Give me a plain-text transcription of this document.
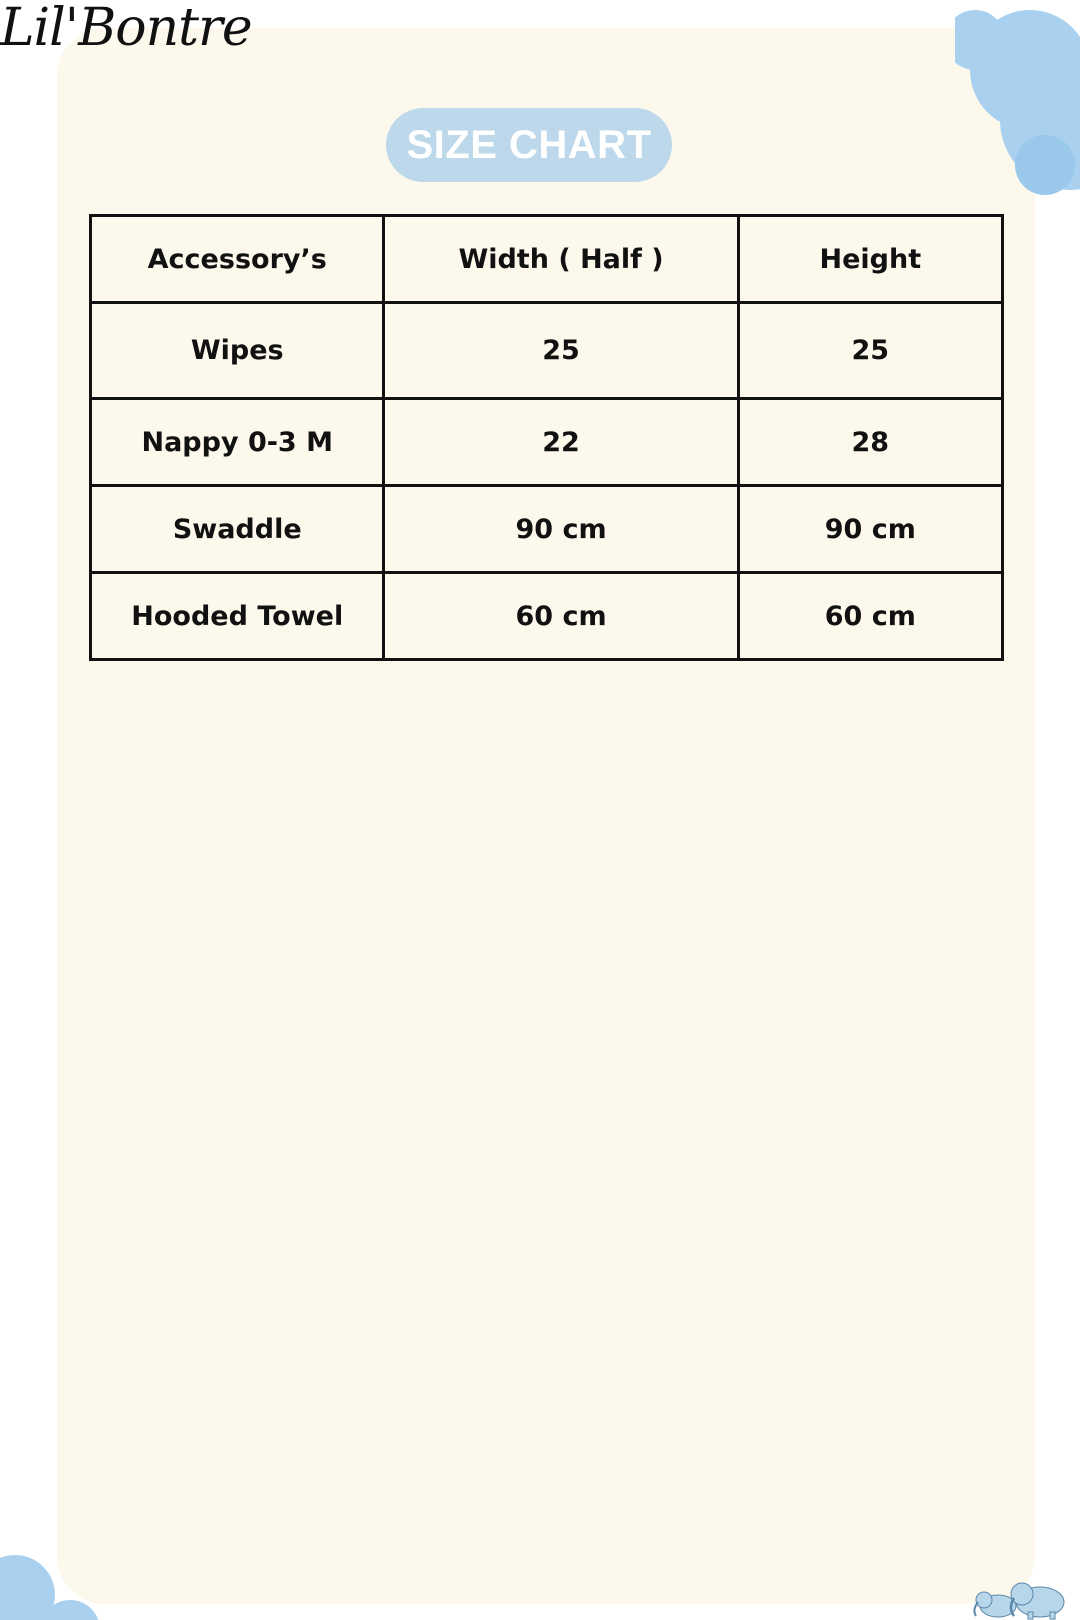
Lil'Bontre
SIZE CHART
Accessory’s	Width ( Half )	Height
Wipes	25	25
Nappy 0-3 M	22	28
Swaddle	90 cm	90 cm
Hooded Towel	60 cm	60 cm
